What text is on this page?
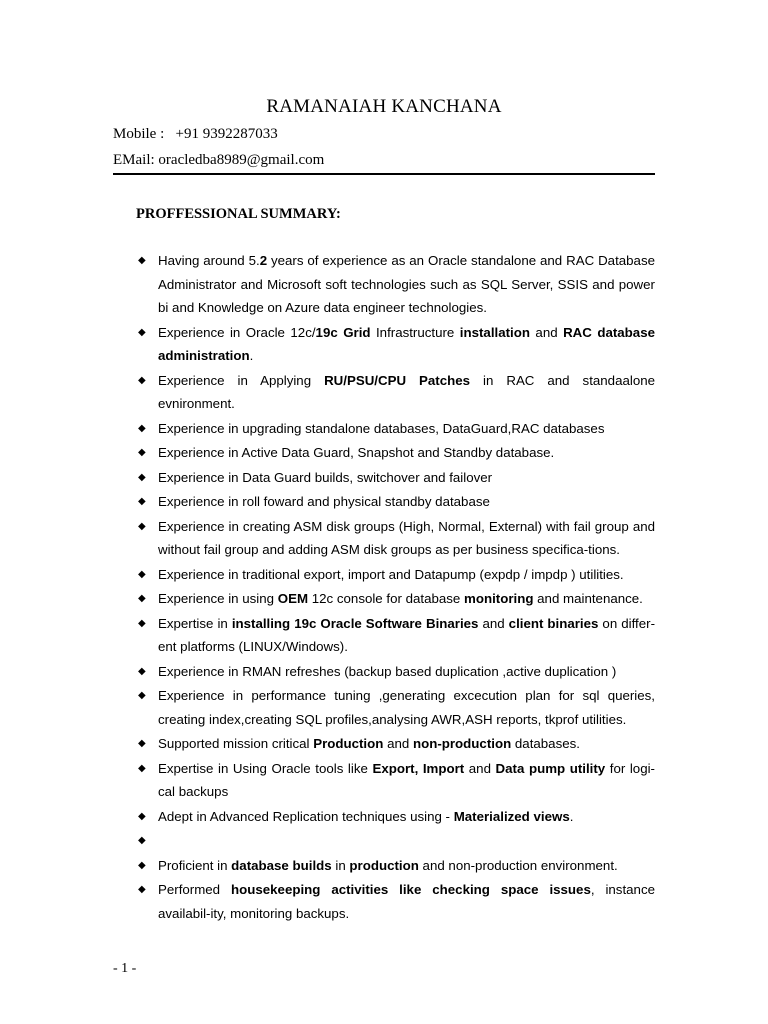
RAMANAIAH KANCHANA
Mobile : +91 9392287033
EMail: oracledba8989@gmail.com
PROFFESSIONAL SUMMARY:
◆ Having around 5.2 years of experience as an Oracle standalone and RAC Database Administrator and Microsoft soft technologies such as SQL Server, SSIS and power bi and Knowledge on Azure data engineer technologies.
◆ Experience in Oracle 12c/19c Grid Infrastructure installation and RAC database administration.
◆ Experience in Applying RU/PSU/CPU Patches in RAC and standaalone evnironment.
◆ Experience in upgrading standalone databases, DataGuard,RAC databases
◆ Experience in Active Data Guard, Snapshot and Standby database.
◆ Experience in Data Guard builds, switchover and failover
◆ Experience in roll foward and physical standby database
◆ Experience in creating ASM disk groups (High, Normal, External) with fail group and without fail group and adding ASM disk groups as per business specifica-tions.
◆ Experience in traditional export, import and Datapump (expdp / impdp ) utilities.
◆ Experience in using OEM 12c console for database monitoring and maintenance.
◆ Expertise in installing 19c Oracle Software Binaries and client binaries on differ-ent platforms (LINUX/Windows).
◆ Experience in RMAN refreshes (backup based duplication ,active duplication )
◆ Experience in performance tuning ,generating excecution plan for sql queries, creating index,creating SQL profiles,analysing AWR,ASH reports, tkprof utilities.
◆ Supported mission critical Production and non-production databases.
◆ Expertise in Using Oracle tools like Export, Import and Data pump utility for logi-cal backups
◆ Adept in Advanced Replication techniques using - Materialized views.
◆

◆ Proficient in database builds in production and non-production environment.
◆ Performed housekeeping activities like checking space issues, instance availabil-ity, monitoring backups.
- 1 -
